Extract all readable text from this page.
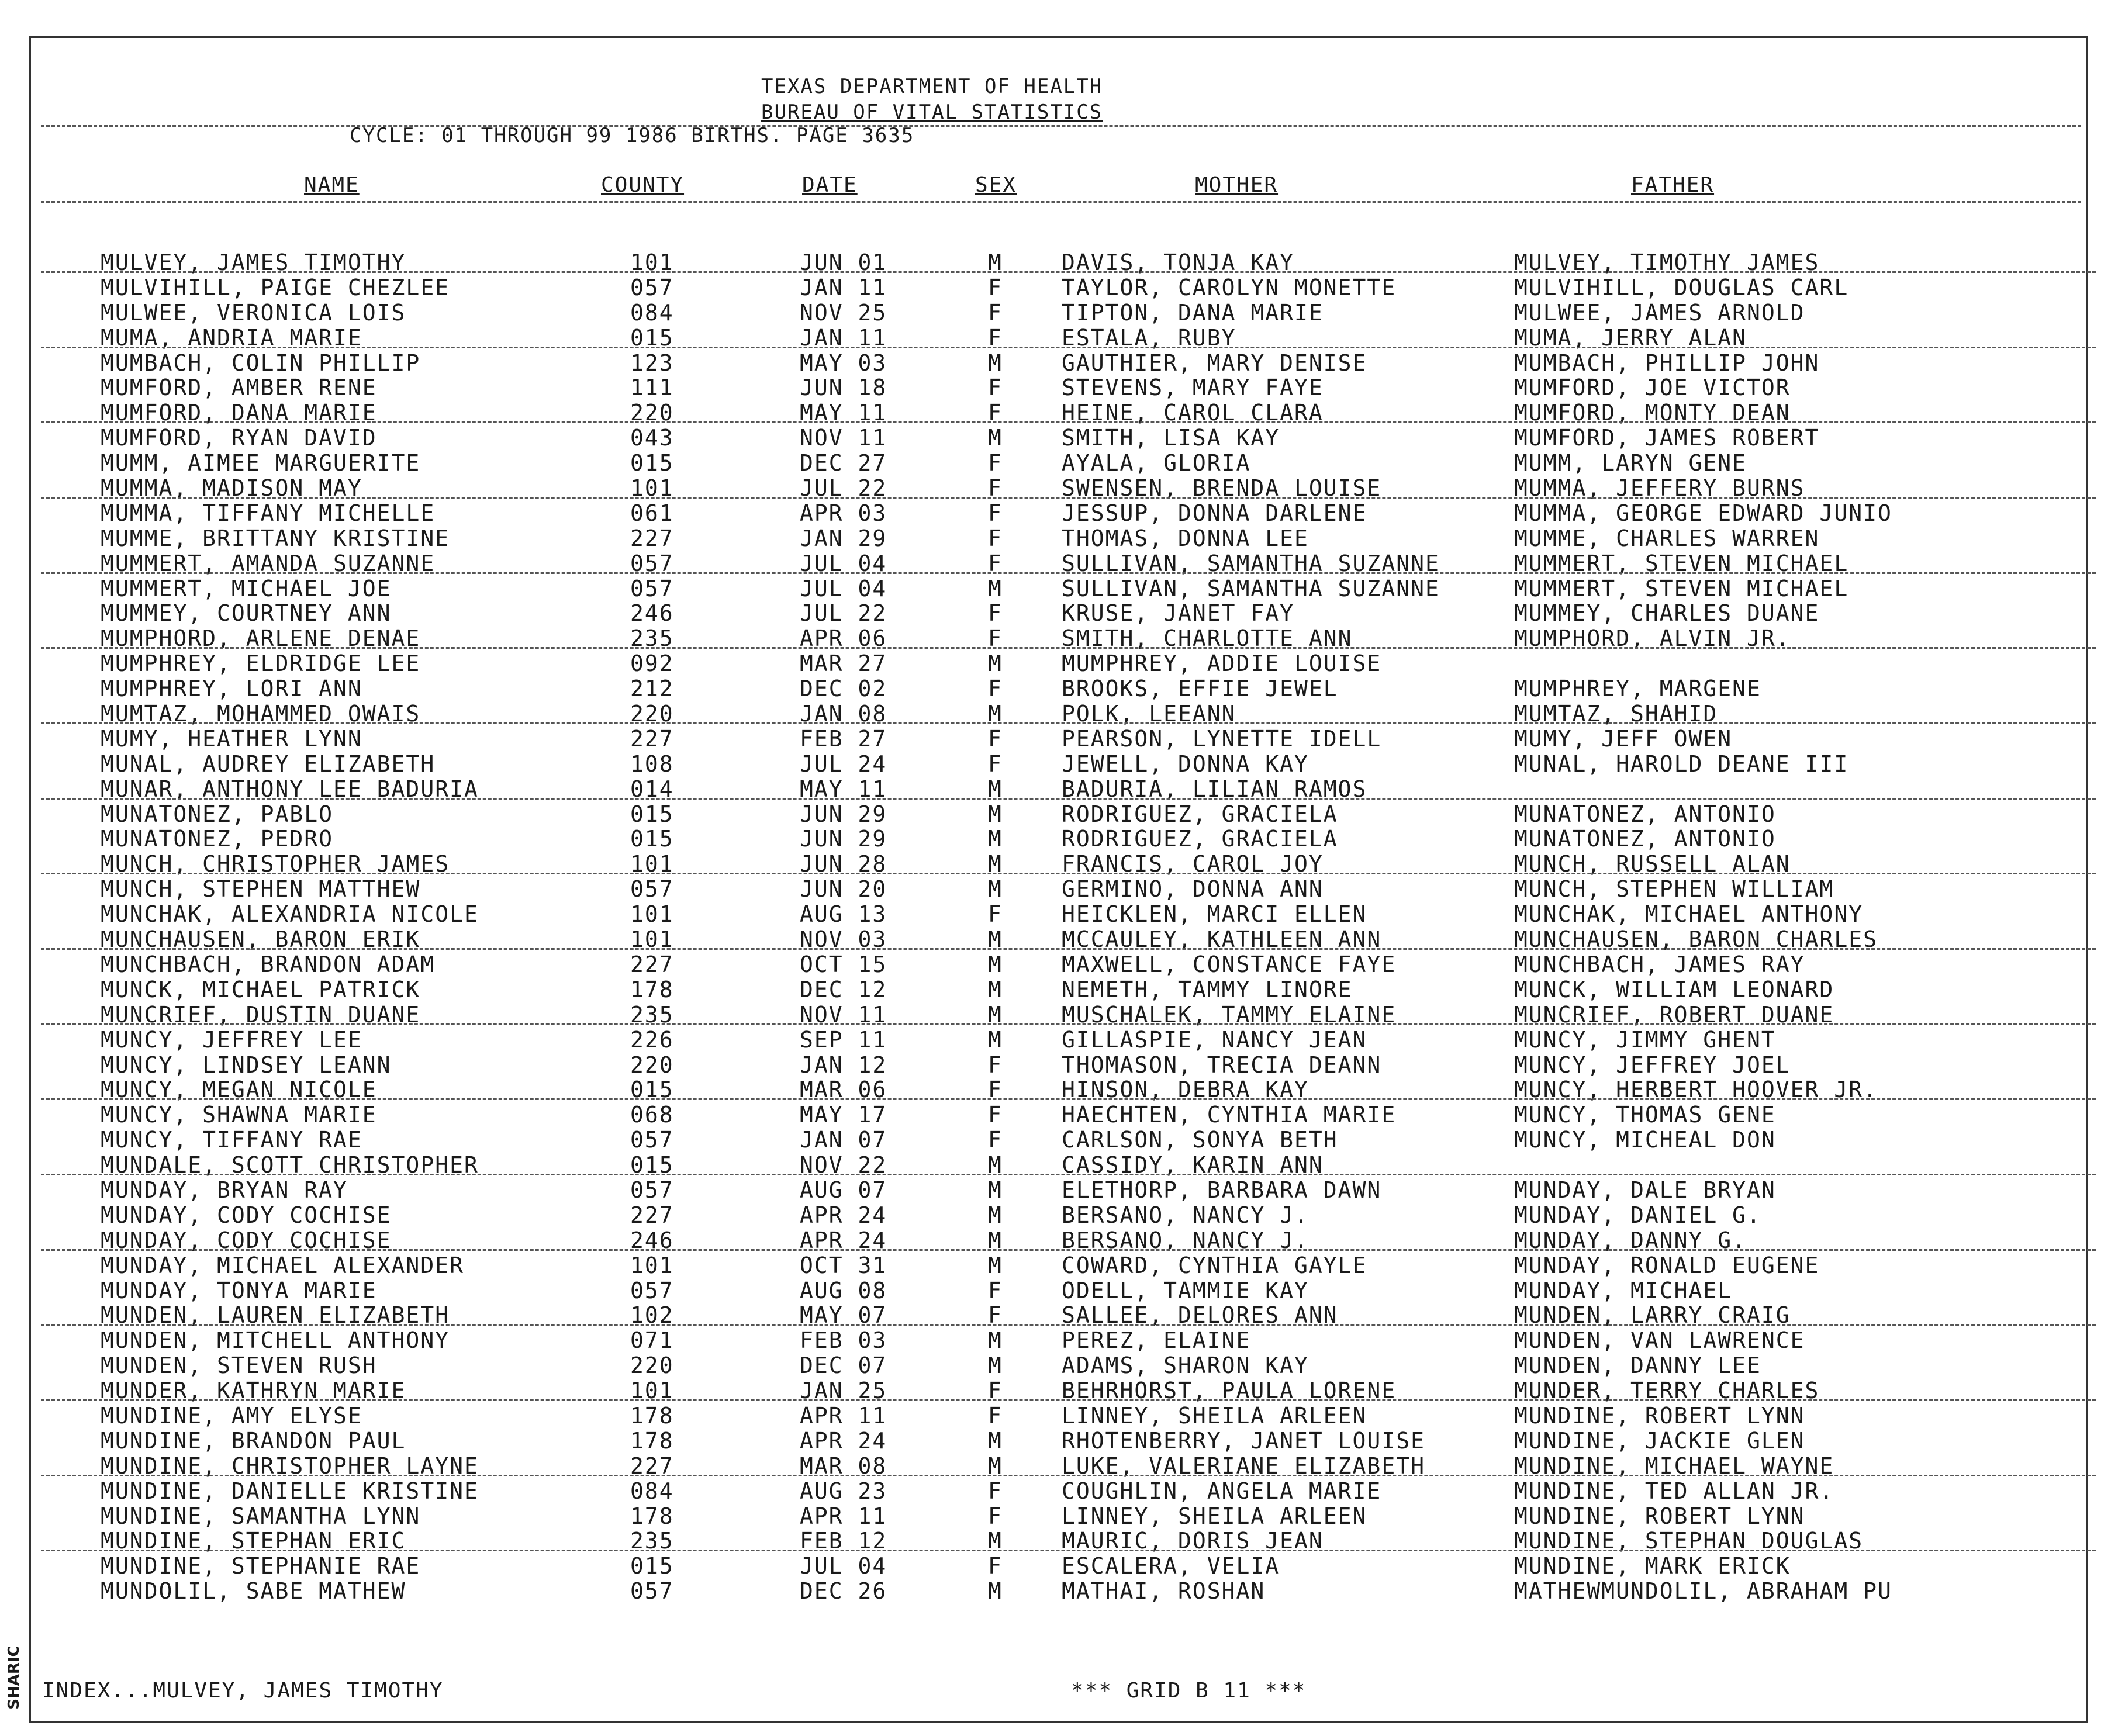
SHARIC
TEXAS DEPARTMENT OF HEALTH
BUREAU OF VITAL STATISTICS
CYCLE: 01 THROUGH 99 1986 BIRTHS. PAGE 3635
NAME	COUNTY	DATE	SEX	MOTHER	FATHER
MULVEY, JAMES TIMOTHY	101	JUN 01	M	DAVIS, TONJA KAY	MULVEY, TIMOTHY JAMES
MULVIHILL, PAIGE CHEZLEE	057	JAN 11	F	TAYLOR, CAROLYN MONETTE	MULVIHILL, DOUGLAS CARL
MULWEE, VERONICA LOIS	084	NOV 25	F	TIPTON, DANA MARIE	MULWEE, JAMES ARNOLD
MUMA, ANDRIA MARIE	015	JAN 11	F	ESTALA, RUBY	MUMA, JERRY ALAN
MUMBACH, COLIN PHILLIP	123	MAY 03	M	GAUTHIER, MARY DENISE	MUMBACH, PHILLIP JOHN
MUMFORD, AMBER RENE	111	JUN 18	F	STEVENS, MARY FAYE	MUMFORD, JOE VICTOR
MUMFORD, DANA MARIE	220	MAY 11	F	HEINE, CAROL CLARA	MUMFORD, MONTY DEAN
MUMFORD, RYAN DAVID	043	NOV 11	M	SMITH, LISA KAY	MUMFORD, JAMES ROBERT
MUMM, AIMEE MARGUERITE	015	DEC 27	F	AYALA, GLORIA	MUMM, LARYN GENE
MUMMA, MADISON MAY	101	JUL 22	F	SWENSEN, BRENDA LOUISE	MUMMA, JEFFERY BURNS
MUMMA, TIFFANY MICHELLE	061	APR 03	F	JESSUP, DONNA DARLENE	MUMMA, GEORGE EDWARD JUNIO
MUMME, BRITTANY KRISTINE	227	JAN 29	F	THOMAS, DONNA LEE	MUMME, CHARLES WARREN
MUMMERT, AMANDA SUZANNE	057	JUL 04	F	SULLIVAN, SAMANTHA SUZANNE	MUMMERT, STEVEN MICHAEL
MUMMERT, MICHAEL JOE	057	JUL 04	M	SULLIVAN, SAMANTHA SUZANNE	MUMMERT, STEVEN MICHAEL
MUMMEY, COURTNEY ANN	246	JUL 22	F	KRUSE, JANET FAY	MUMMEY, CHARLES DUANE
MUMPHORD, ARLENE DENAE	235	APR 06	F	SMITH, CHARLOTTE ANN	MUMPHORD, ALVIN JR.
MUMPHREY, ELDRIDGE LEE	092	MAR 27	M	MUMPHREY, ADDIE LOUISE
MUMPHREY, LORI ANN	212	DEC 02	F	BROOKS, EFFIE JEWEL	MUMPHREY, MARGENE
MUMTAZ, MOHAMMED OWAIS	220	JAN 08	M	POLK, LEEANN	MUMTAZ, SHAHID
MUMY, HEATHER LYNN	227	FEB 27	F	PEARSON, LYNETTE IDELL	MUMY, JEFF OWEN
MUNAL, AUDREY ELIZABETH	108	JUL 24	F	JEWELL, DONNA KAY	MUNAL, HAROLD DEANE III
MUNAR, ANTHONY LEE BADURIA	014	MAY 11	M	BADURIA, LILIAN RAMOS
MUNATONEZ, PABLO	015	JUN 29	M	RODRIGUEZ, GRACIELA	MUNATONEZ, ANTONIO
MUNATONEZ, PEDRO	015	JUN 29	M	RODRIGUEZ, GRACIELA	MUNATONEZ, ANTONIO
MUNCH, CHRISTOPHER JAMES	101	JUN 28	M	FRANCIS, CAROL JOY	MUNCH, RUSSELL ALAN
MUNCH, STEPHEN MATTHEW	057	JUN 20	M	GERMINO, DONNA ANN	MUNCH, STEPHEN WILLIAM
MUNCHAK, ALEXANDRIA NICOLE	101	AUG 13	F	HEICKLEN, MARCI ELLEN	MUNCHAK, MICHAEL ANTHONY
MUNCHAUSEN, BARON ERIK	101	NOV 03	M	MCCAULEY, KATHLEEN ANN	MUNCHAUSEN, BARON CHARLES
MUNCHBACH, BRANDON ADAM	227	OCT 15	M	MAXWELL, CONSTANCE FAYE	MUNCHBACH, JAMES RAY
MUNCK, MICHAEL PATRICK	178	DEC 12	M	NEMETH, TAMMY LINORE	MUNCK, WILLIAM LEONARD
MUNCRIEF, DUSTIN DUANE	235	NOV 11	M	MUSCHALEK, TAMMY ELAINE	MUNCRIEF, ROBERT DUANE
MUNCY, JEFFREY LEE	226	SEP 11	M	GILLASPIE, NANCY JEAN	MUNCY, JIMMY GHENT
MUNCY, LINDSEY LEANN	220	JAN 12	F	THOMASON, TRECIA DEANN	MUNCY, JEFFREY JOEL
MUNCY, MEGAN NICOLE	015	MAR 06	F	HINSON, DEBRA KAY	MUNCY, HERBERT HOOVER JR.
MUNCY, SHAWNA MARIE	068	MAY 17	F	HAECHTEN, CYNTHIA MARIE	MUNCY, THOMAS GENE
MUNCY, TIFFANY RAE	057	JAN 07	F	CARLSON, SONYA BETH	MUNCY, MICHEAL DON
MUNDALE, SCOTT CHRISTOPHER	015	NOV 22	M	CASSIDY, KARIN ANN
MUNDAY, BRYAN RAY	057	AUG 07	M	ELETHORP, BARBARA DAWN	MUNDAY, DALE BRYAN
MUNDAY, CODY COCHISE	227	APR 24	M	BERSANO, NANCY J.	MUNDAY, DANIEL G.
MUNDAY, CODY COCHISE	246	APR 24	M	BERSANO, NANCY J.	MUNDAY, DANNY G.
MUNDAY, MICHAEL ALEXANDER	101	OCT 31	M	COWARD, CYNTHIA GAYLE	MUNDAY, RONALD EUGENE
MUNDAY, TONYA MARIE	057	AUG 08	F	ODELL, TAMMIE KAY	MUNDAY, MICHAEL
MUNDEN, LAUREN ELIZABETH	102	MAY 07	F	SALLEE, DELORES ANN	MUNDEN, LARRY CRAIG
MUNDEN, MITCHELL ANTHONY	071	FEB 03	M	PEREZ, ELAINE	MUNDEN, VAN LAWRENCE
MUNDEN, STEVEN RUSH	220	DEC 07	M	ADAMS, SHARON KAY	MUNDEN, DANNY LEE
MUNDER, KATHRYN MARIE	101	JAN 25	F	BEHRHORST, PAULA LORENE	MUNDER, TERRY CHARLES
MUNDINE, AMY ELYSE	178	APR 11	F	LINNEY, SHEILA ARLEEN	MUNDINE, ROBERT LYNN
MUNDINE, BRANDON PAUL	178	APR 24	M	RHOTENBERRY, JANET LOUISE	MUNDINE, JACKIE GLEN
MUNDINE, CHRISTOPHER LAYNE	227	MAR 08	M	LUKE, VALERIANE ELIZABETH	MUNDINE, MICHAEL WAYNE
MUNDINE, DANIELLE KRISTINE	084	AUG 23	F	COUGHLIN, ANGELA MARIE	MUNDINE, TED ALLAN JR.
MUNDINE, SAMANTHA LYNN	178	APR 11	F	LINNEY, SHEILA ARLEEN	MUNDINE, ROBERT LYNN
MUNDINE, STEPHAN ERIC	235	FEB 12	M	MAURIC, DORIS JEAN	MUNDINE, STEPHAN DOUGLAS
MUNDINE, STEPHANIE RAE	015	JUL 04	F	ESCALERA, VELIA	MUNDINE, MARK ERICK
MUNDOLIL, SABE MATHEW	057	DEC 26	M	MATHAI, ROSHAN	MATHEWMUNDOLIL, ABRAHAM PU
INDEX...MULVEY, JAMES TIMOTHY	*** GRID B 11 ***
